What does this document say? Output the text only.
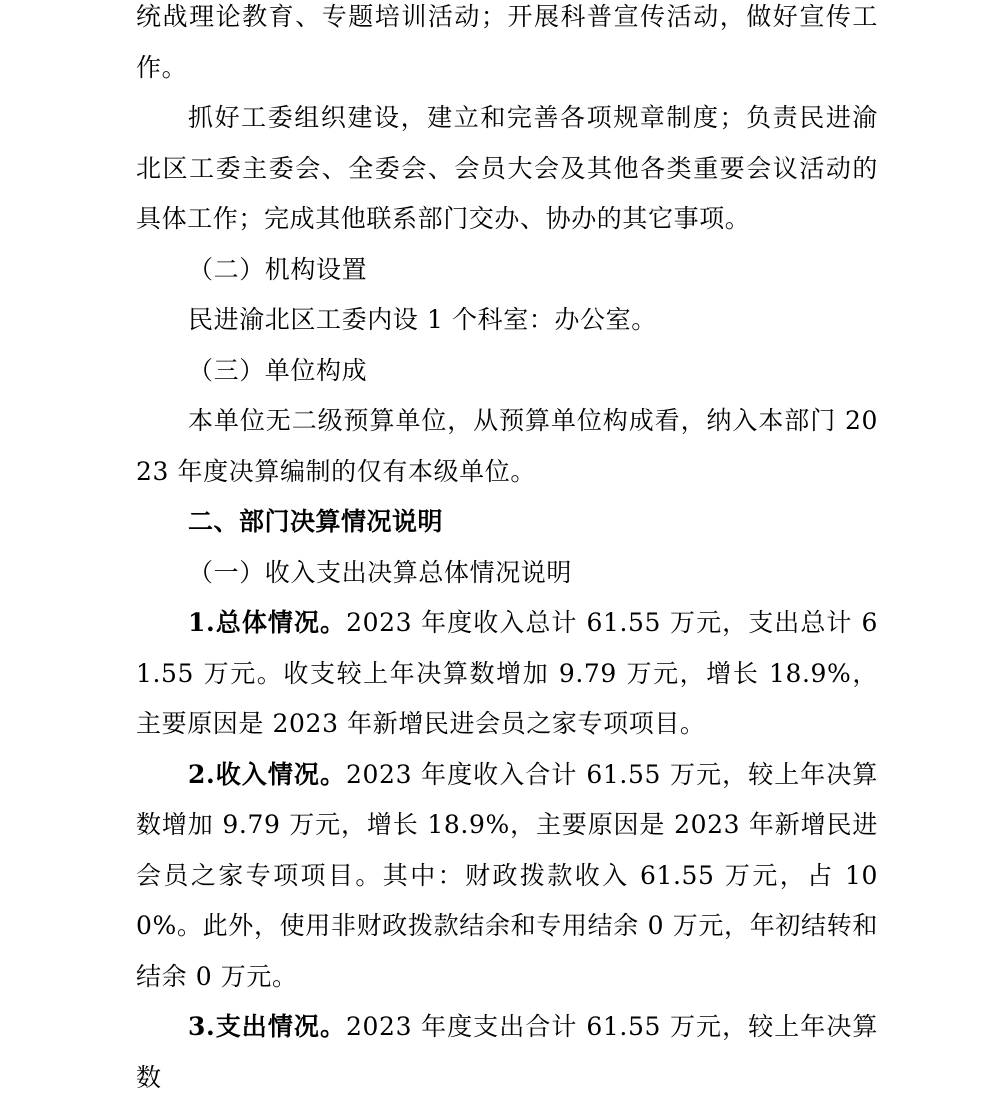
统战理论教育、专题培训活动；开展科普宣传活动，做好宣传工作。

抓好工委组织建设，建立和完善各项规章制度；负责民进渝北区工委主委会、全委会、会员大会及其他各类重要会议活动的具体工作；完成其他联系部门交办、协办的其它事项。

（二）机构设置

民进渝北区工委内设 1 个科室：办公室。

（三）单位构成

本单位无二级预算单位，从预算单位构成看，纳入本部门 2023 年度决算编制的仅有本级单位。

二、部门决算情况说明

（一）收入支出决算总体情况说明

1.总体情况。2023 年度收入总计 61.55 万元，支出总计 61.55 万元。收支较上年决算数增加 9.79 万元，增长 18.9%，主要原因是 2023 年新增民进会员之家专项项目。

2.收入情况。2023 年度收入合计 61.55 万元，较上年决算数增加 9.79 万元，增长 18.9%，主要原因是 2023 年新增民进会员之家专项项目。其中：财政拨款收入 61.55 万元，占 100%。此外，使用非财政拨款结余和专用结余 0 万元，年初结转和结余 0 万元。

3.支出情况。2023 年度支出合计 61.55 万元，较上年决算数
